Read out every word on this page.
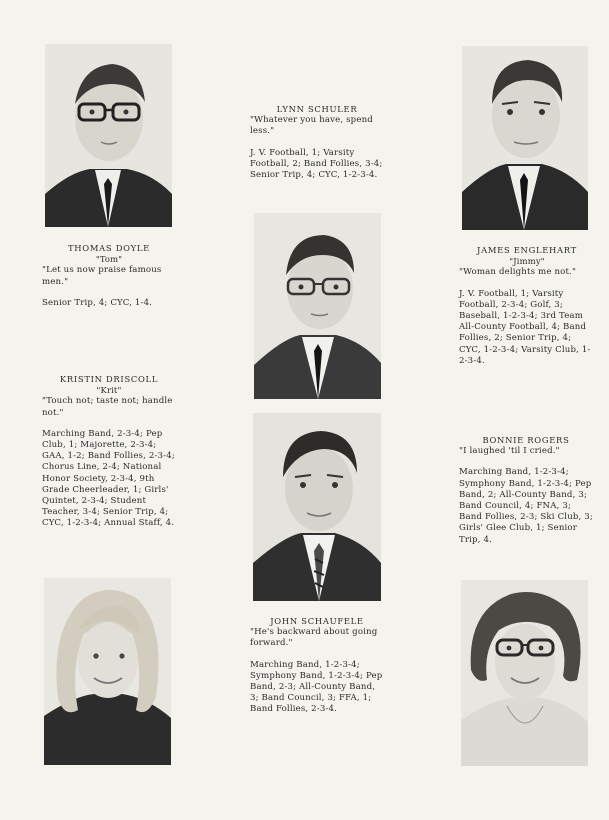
THOMAS DOYLE
"Tom"
"Let us now praise famous men."
Senior Trip, 4; CYC, 1-4.
KRISTIN DRISCOLL
"Krit"
"Touch not; taste not; handle not."
Marching Band, 2-3-4; Pep Club, 1; Majorette, 2-3-4; GAA, 1-2; Band Follies, 2-3-4; Chorus Line, 2-4; National Honor Society, 2-3-4, 9th Grade Cheerleader, 1; Girls' Quintet, 2-3-4; Student Teacher, 3-4; Senior Trip, 4; CYC, 1-2-3-4; Annual Staff, 4.
LYNN SCHULER
"Whatever you have, spend less."
J. V. Football, 1; Varsity Football, 2; Band Follies, 3-4; Senior Trip, 4; CYC, 1-2-3-4.
JOHN SCHAUFELE
"He's backward about going forward."
Marching Band, 1-2-3-4; Symphony Band, 1-2-3-4; Pep Band, 2-3; All-County Band, 3; Band Council, 3; FFA, 1; Band Follies, 2-3-4.
JAMES ENGLEHART
"Jimmy"
"Woman delights me not."
J. V. Football, 1; Varsity Football, 2-3-4; Golf, 3; Baseball, 1-2-3-4; 3rd Team All-County Football, 4; Band Follies, 2; Senior Trip, 4; CYC, 1-2-3-4; Varsity Club, 1-2-3-4.
BONNIE ROGERS
"I laughed 'til I cried."
Marching Band, 1-2-3-4; Symphony Band, 1-2-3-4; Pep Band, 2; All-County Band, 3; Band Council, 4; FNA, 3; Band Follies, 2-3; Ski Club, 3; Girls' Glee Club, 1; Senior Trip, 4.
